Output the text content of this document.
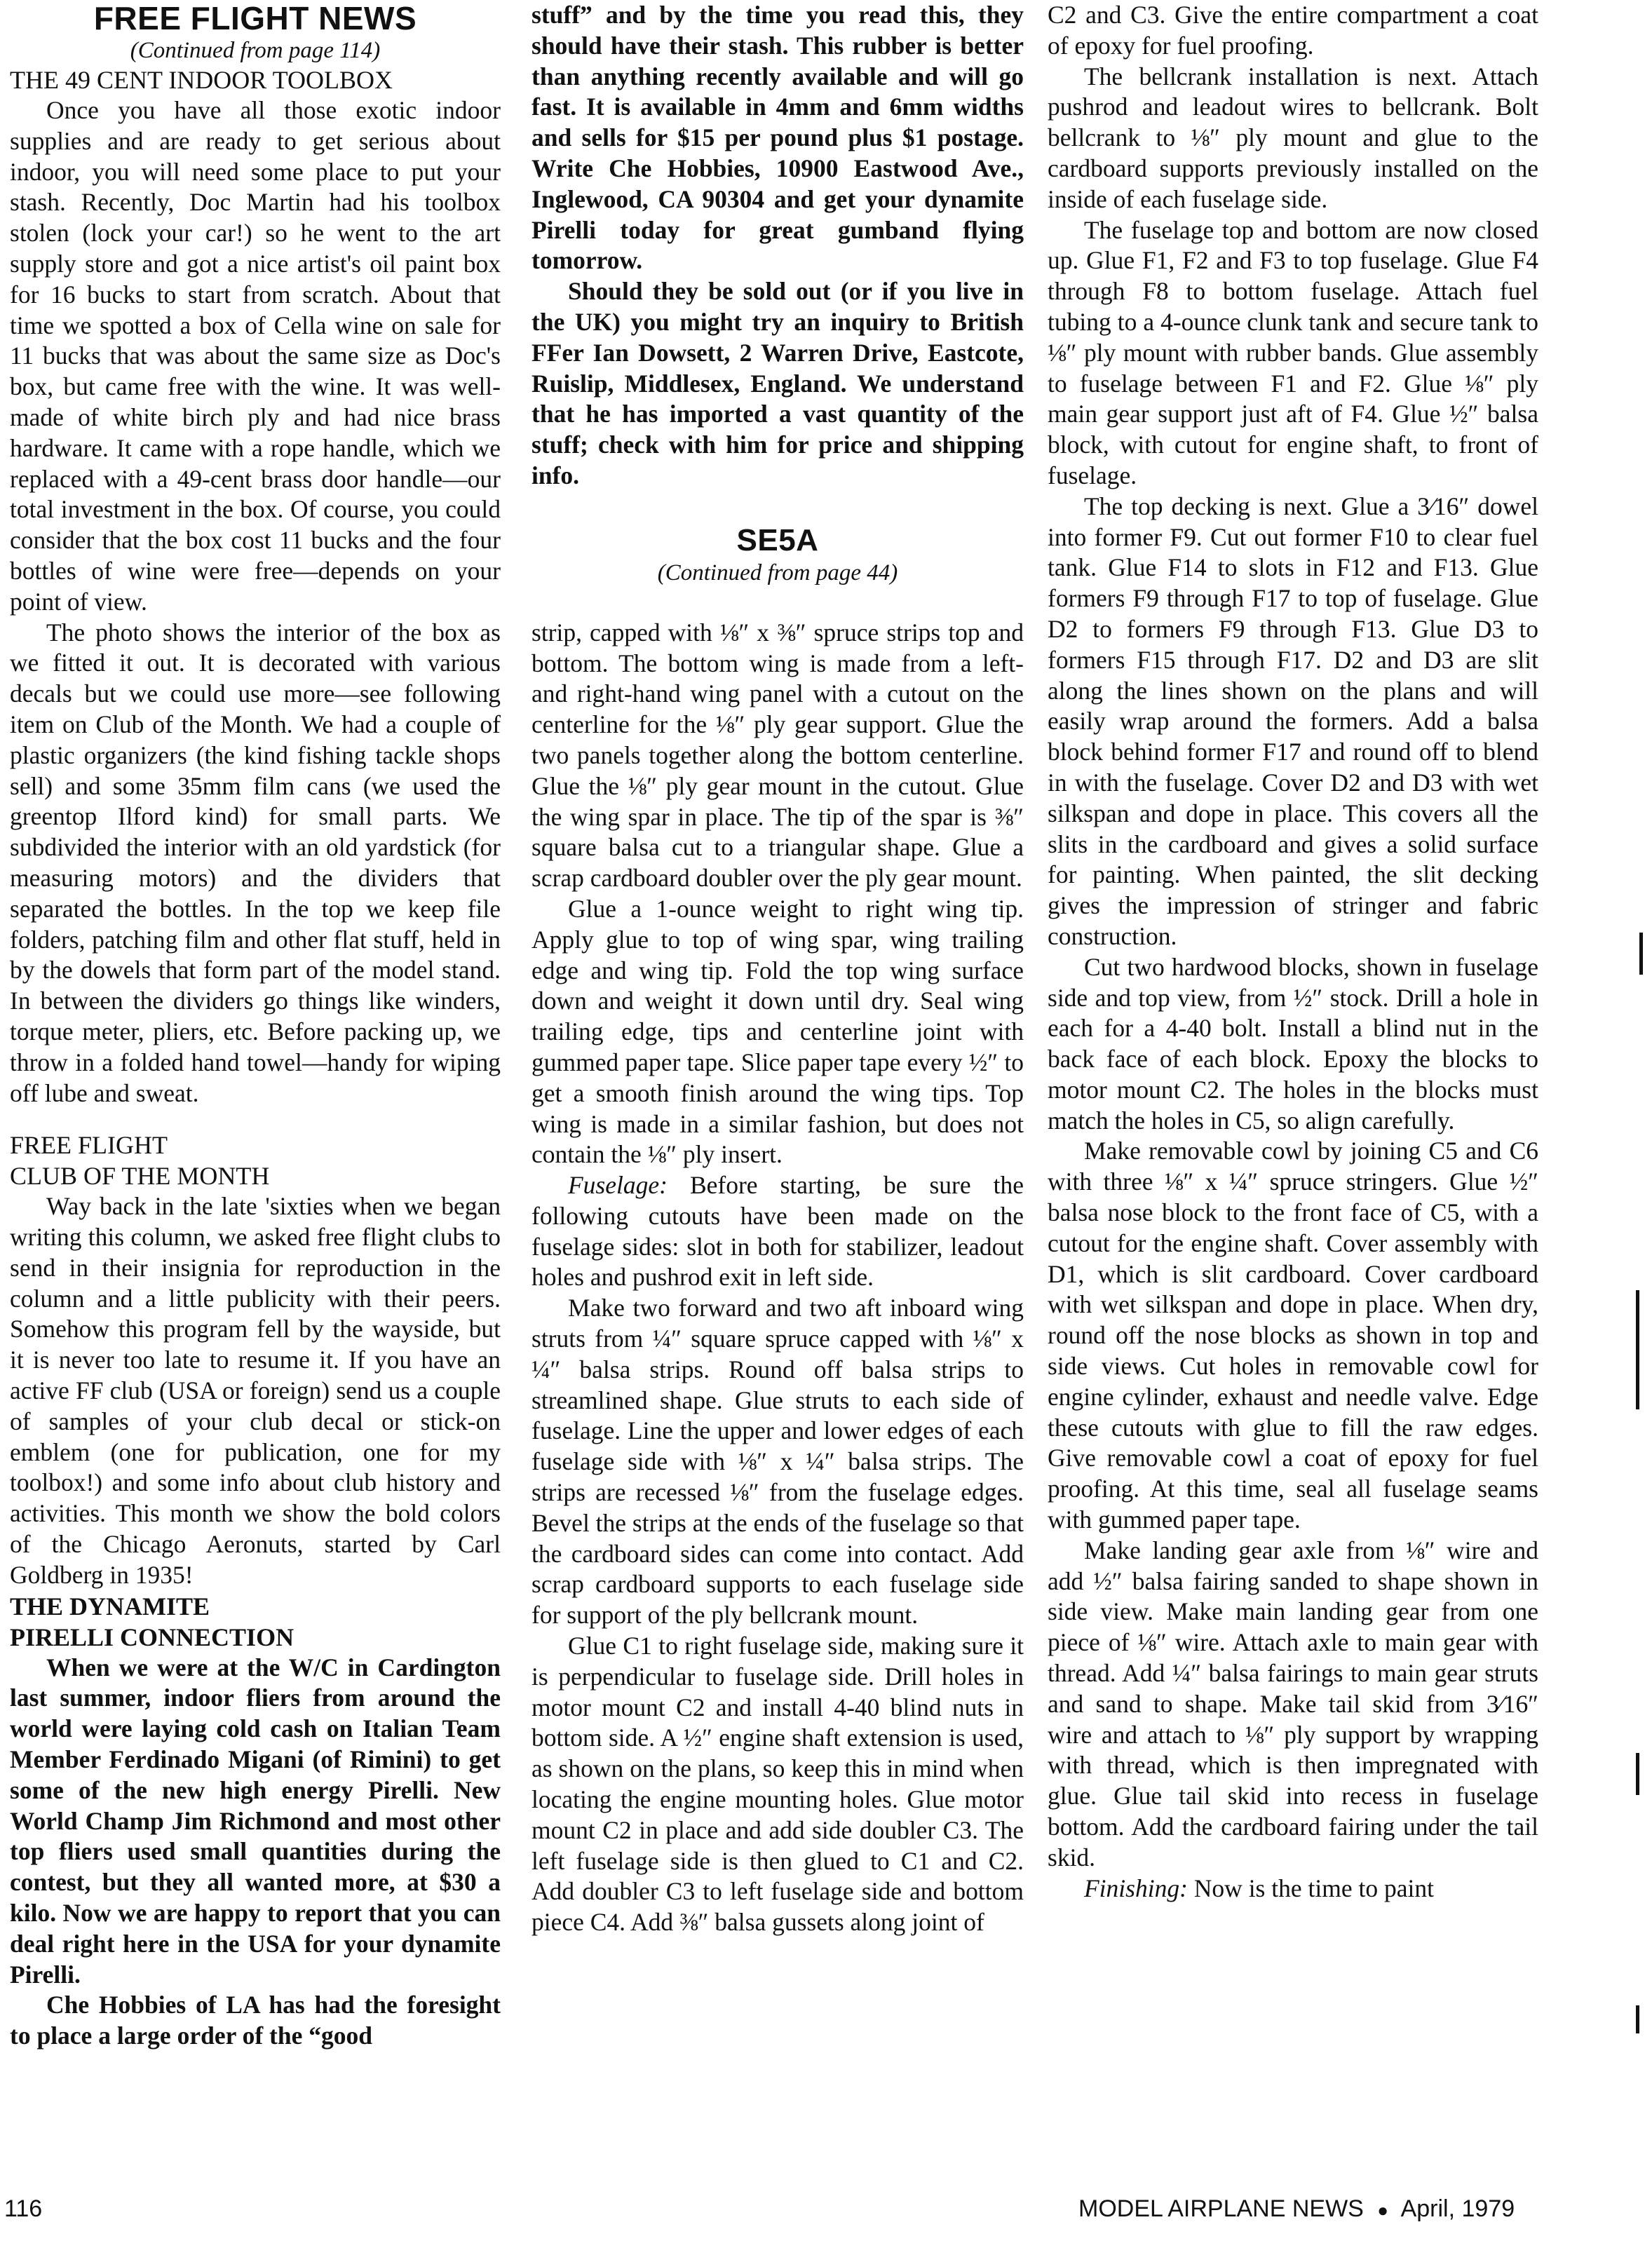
FREE FLIGHT NEWS
(Continued from page 114)
THE 49 CENT INDOOR TOOLBOX

Once you have all those exotic indoor supplies and are ready to get serious about indoor, you will need some place to put your stash. Recently, Doc Martin had his toolbox stolen (lock your car!) so he went to the art supply store and got a nice artist's oil paint box for 16 bucks to start from scratch. About that time we spotted a box of Cella wine on sale for 11 bucks that was about the same size as Doc's box, but came free with the wine. It was well-made of white birch ply and had nice brass hardware. It came with a rope handle, which we replaced with a 49-cent brass door handle—our total investment in the box. Of course, you could consider that the box cost 11 bucks and the four bottles of wine were free—depends on your point of view.

The photo shows the interior of the box as we fitted it out. It is decorated with various decals but we could use more—see following item on Club of the Month. We had a couple of plastic organizers (the kind fishing tackle shops sell) and some 35mm film cans (we used the greentop Ilford kind) for small parts. We subdivided the interior with an old yardstick (for measuring motors) and the dividers that separated the bottles. In the top we keep file folders, patching film and other flat stuff, held in by the dowels that form part of the model stand. In between the dividers go things like winders, torque meter, pliers, etc. Before packing up, we throw in a folded hand towel—handy for wiping off lube and sweat.

FREE FLIGHT
CLUB OF THE MONTH

Way back in the late 'sixties when we began writing this column, we asked free flight clubs to send in their insignia for reproduction in the column and a little publicity with their peers. Somehow this program fell by the wayside, but it is never too late to resume it. If you have an active FF club (USA or foreign) send us a couple of samples of your club decal or stick-on emblem (one for publication, one for my toolbox!) and some info about club history and activities. This month we show the bold colors of the Chicago Aeronuts, started by Carl Goldberg in 1935!

THE DYNAMITE
PIRELLI CONNECTION

When we were at the W/C in Cardington last summer, indoor fliers from around the world were laying cold cash on Italian Team Member Ferdinado Migani (of Rimini) to get some of the new high energy Pirelli. New World Champ Jim Richmond and most other top fliers used small quantities during the contest, but they all wanted more, at $30 a kilo. Now we are happy to report that you can deal right here in the USA for your dynamite Pirelli.

Che Hobbies of LA has had the foresight to place a large order of the “good

stuff” and by the time you read this, they should have their stash. This rubber is better than anything recently available and will go fast. It is available in 4mm and 6mm widths and sells for $15 per pound plus $1 postage. Write Che Hobbies, 10900 Eastwood Ave., Inglewood, CA 90304 and get your dynamite Pirelli today for great gumband flying tomorrow.

Should they be sold out (or if you live in the UK) you might try an inquiry to British FFer Ian Dowsett, 2 Warren Drive, Eastcote, Ruislip, Middlesex, England. We understand that he has imported a vast quantity of the stuff; check with him for price and shipping info.

SE5A
(Continued from page 44)

strip, capped with ⅛″ x ⅜″ spruce strips top and bottom. The bottom wing is made from a left- and right-hand wing panel with a cutout on the centerline for the ⅛″ ply gear support. Glue the two panels together along the bottom centerline. Glue the ⅛″ ply gear mount in the cutout. Glue the wing spar in place. The tip of the spar is ⅜″ square balsa cut to a triangular shape. Glue a scrap cardboard doubler over the ply gear mount.

Glue a 1-ounce weight to right wing tip. Apply glue to top of wing spar, wing trailing edge and wing tip. Fold the top wing surface down and weight it down until dry. Seal wing trailing edge, tips and centerline joint with gummed paper tape. Slice paper tape every ½″ to get a smooth finish around the wing tips. Top wing is made in a similar fashion, but does not contain the ⅛″ ply insert.

Fuselage: Before starting, be sure the following cutouts have been made on the fuselage sides: slot in both for stabilizer, leadout holes and pushrod exit in left side.

Make two forward and two aft inboard wing struts from ¼″ square spruce capped with ⅛″ x ¼″ balsa strips. Round off balsa strips to streamlined shape. Glue struts to each side of fuselage. Line the upper and lower edges of each fuselage side with ⅛″ x ¼″ balsa strips. The strips are recessed ⅛″ from the fuselage edges. Bevel the strips at the ends of the fuselage so that the cardboard sides can come into contact. Add scrap cardboard supports to each fuselage side for support of the ply bellcrank mount.

Glue C1 to right fuselage side, making sure it is perpendicular to fuselage side. Drill holes in motor mount C2 and install 4-40 blind nuts in bottom side. A ½″ engine shaft extension is used, as shown on the plans, so keep this in mind when locating the engine mounting holes. Glue motor mount C2 in place and add side doubler C3. The left fuselage side is then glued to C1 and C2. Add doubler C3 to left fuselage side and bottom piece C4. Add ⅜″ balsa gussets along joint of

C2 and C3. Give the entire compartment a coat of epoxy for fuel proofing.

The bellcrank installation is next. Attach pushrod and leadout wires to bellcrank. Bolt bellcrank to ⅛″ ply mount and glue to the cardboard supports previously installed on the inside of each fuselage side.

The fuselage top and bottom are now closed up. Glue F1, F2 and F3 to top fuselage. Glue F4 through F8 to bottom fuselage. Attach fuel tubing to a 4-ounce clunk tank and secure tank to ⅛″ ply mount with rubber bands. Glue assembly to fuselage between F1 and F2. Glue ⅛″ ply main gear support just aft of F4. Glue ½″ balsa block, with cutout for engine shaft, to front of fuselage.

The top decking is next. Glue a 3⁄16″ dowel into former F9. Cut out former F10 to clear fuel tank. Glue F14 to slots in F12 and F13. Glue formers F9 through F17 to top of fuselage. Glue D2 to formers F9 through F13. Glue D3 to formers F15 through F17. D2 and D3 are slit along the lines shown on the plans and will easily wrap around the formers. Add a balsa block behind former F17 and round off to blend in with the fuselage. Cover D2 and D3 with wet silkspan and dope in place. This covers all the slits in the cardboard and gives a solid surface for painting. When painted, the slit decking gives the impression of stringer and fabric construction.

Cut two hardwood blocks, shown in fuselage side and top view, from ½″ stock. Drill a hole in each for a 4-40 bolt. Install a blind nut in the back face of each block. Epoxy the blocks to motor mount C2. The holes in the blocks must match the holes in C5, so align carefully.

Make removable cowl by joining C5 and C6 with three ⅛″ x ¼″ spruce stringers. Glue ½″ balsa nose block to the front face of C5, with a cutout for the engine shaft. Cover assembly with D1, which is slit cardboard. Cover cardboard with wet silkspan and dope in place. When dry, round off the nose blocks as shown in top and side views. Cut holes in removable cowl for engine cylinder, exhaust and needle valve. Edge these cutouts with glue to fill the raw edges. Give removable cowl a coat of epoxy for fuel proofing. At this time, seal all fuselage seams with gummed paper tape.

Make landing gear axle from ⅛″ wire and add ½″ balsa fairing sanded to shape shown in side view. Make main landing gear from one piece of ⅛″ wire. Attach axle to main gear with thread. Add ¼″ balsa fairings to main gear struts and sand to shape. Make tail skid from 3⁄16″ wire and attach to ⅛″ ply support by wrapping with thread, which is then impregnated with glue. Glue tail skid into recess in fuselage bottom. Add the cardboard fairing under the tail skid.

Finishing: Now is the time to paint

116	MODEL AIRPLANE NEWS ● April, 1979
